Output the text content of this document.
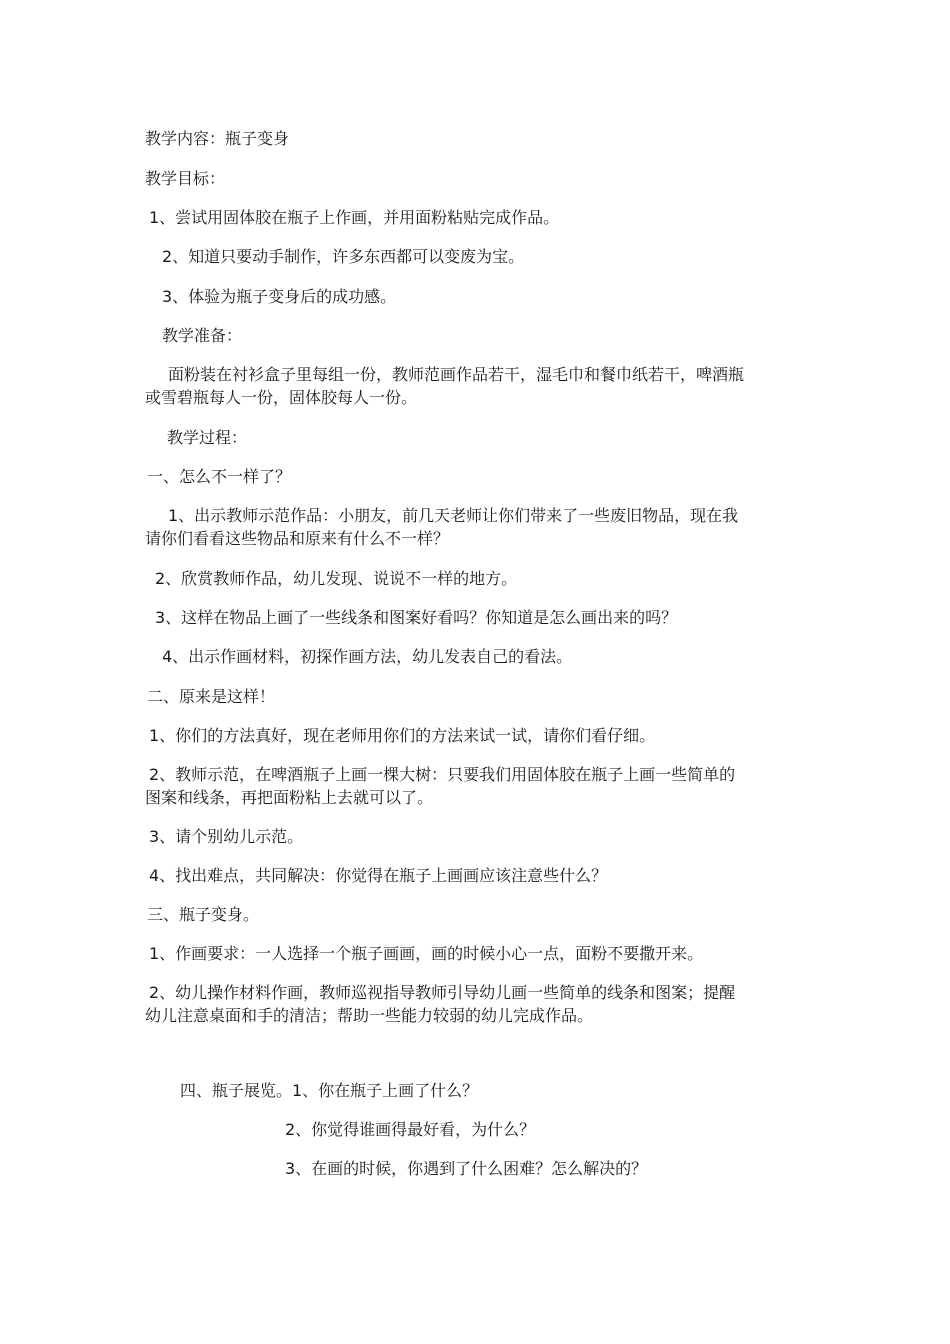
教学内容：瓶子变身
教学目标：
1、尝试用固体胶在瓶子上作画，并用面粉粘贴完成作品。
2、知道只要动手制作，许多东西都可以变废为宝。
3、体验为瓶子变身后的成功感。
教学准备：
面粉装在衬衫盒子里每组一份，教师范画作品若干，湿毛巾和餐巾纸若干，啤酒瓶
或雪碧瓶每人一份，固体胶每人一份。
教学过程：
一、怎么不一样了？
1、出示教师示范作品：小朋友，前几天老师让你们带来了一些废旧物品，现在我
请你们看看这些物品和原来有什么不一样？
2、欣赏教师作品，幼儿发现、说说不一样的地方。
3、这样在物品上画了一些线条和图案好看吗？你知道是怎么画出来的吗？
4、出示作画材料，初探作画方法，幼儿发表自己的看法。
二、原来是这样！
1、你们的方法真好，现在老师用你们的方法来试一试，请你们看仔细。
2、教师示范，在啤酒瓶子上画一棵大树：只要我们用固体胶在瓶子上画一些简单的
图案和线条，再把面粉粘上去就可以了。
3、请个别幼儿示范。
4、找出难点，共同解决：你觉得在瓶子上画画应该注意些什么？
三、瓶子变身。
1、作画要求：一人选择一个瓶子画画，画的时候小心一点，面粉不要撒开来。
2、幼儿操作材料作画，教师巡视指导教师引导幼儿画一些简单的线条和图案；提醒
幼儿注意桌面和手的清洁；帮助一些能力较弱的幼儿完成作品。
四、瓶子展览。1、你在瓶子上画了什么？
2、你觉得谁画得最好看，为什么？
3、在画的时候，你遇到了什么困难？怎么解决的？
